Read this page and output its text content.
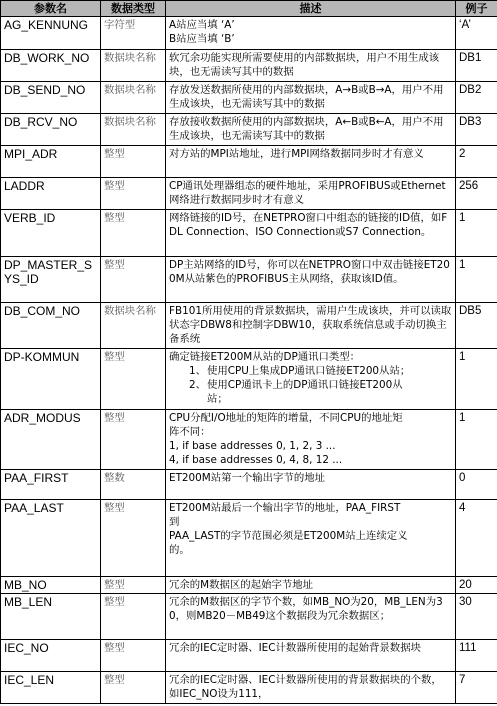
参数名	数据类型	描述	例子
AG_KENNUNG	字符型	A站应当填 ‘A’
B站应当填 ‘B’	‘A’
DB_WORK_NO	数据块名称	软冗余功能实现所需要使用的内部数据块，用户不用生成该块，也无需读写其中的数据	DB1
DB_SEND_NO	数据块名称	存放发送数据所使用的内部数据块，A→B或B→A，用户不用生成该块，也无需读写其中的数据	DB2
DB_RCV_NO	数据块名称	存放接收数据所使用的内部数据块，A←B或B←A，用户不用生成该块，也无需读写其中的数据	DB3
MPI_ADR	整型	对方站的MPI站地址，进行MPI网络数据同步时才有意义	2
LADDR	整型	CP通讯处理器组态的硬件地址，采用PROFIBUS或Ethernet网络进行数据同步时才有意义	256
VERB_ID	整型	网络链接的ID号，在NETPRO窗口中组态的链接的ID值，如FDL Connection、ISO Connection或S7 Connection。	1
DP_MASTER_SYS_ID	整型	DP主站网络的ID号，你可以在NETPRO窗口中双击链接ET200M从站紫色的PROFIBUS主从网络，获取该ID值。	1
DB_COM_NO	数据块名称	FB101所用使用的背景数据块，需用户生成该块，并可以读取状态字DBW8和控制字DBW10，获取系统信息或手动切换主备系统	DB5
DP-KOMMUN	整型	确定链接ET200M从站的DP通讯口类型：
1、使用CPU上集成DP通讯口链接ET200从站；
2、使用CP通讯卡上的DP通讯口链接ET200从
站；	1
ADR_MODUS	整型	CPU分配I/O地址的矩阵的增量，不同CPU的地址矩
阵不同：
1, if base addresses 0, 1, 2, 3 ...
4, if base addresses 0, 4, 8, 12 ...	1
PAA_FIRST	整数	ET200M站第一个输出字节的地址	0
PAA_LAST	整型	ET200M站最后一个输出字节的地址，PAA_FIRST
到
PAA_LAST的字节范围必须是ET200M站上连续定义
的。	4
MB_NO	整型	冗余的M数据区的起始字节地址	20
MB_LEN	整型	冗余的M数据区的字节个数，如MB_NO为20，MB_LEN为30，则MB20－MB49这个数据段为冗余数据区；	30
IEC_NO	整型	冗余的IEC定时器、IEC计数器所使用的起始背景数据块	111
IEC_LEN	整型	冗余的IEC定时器、IEC计数器所使用的背景数据块的个数，如IEC_NO设为111，	7
